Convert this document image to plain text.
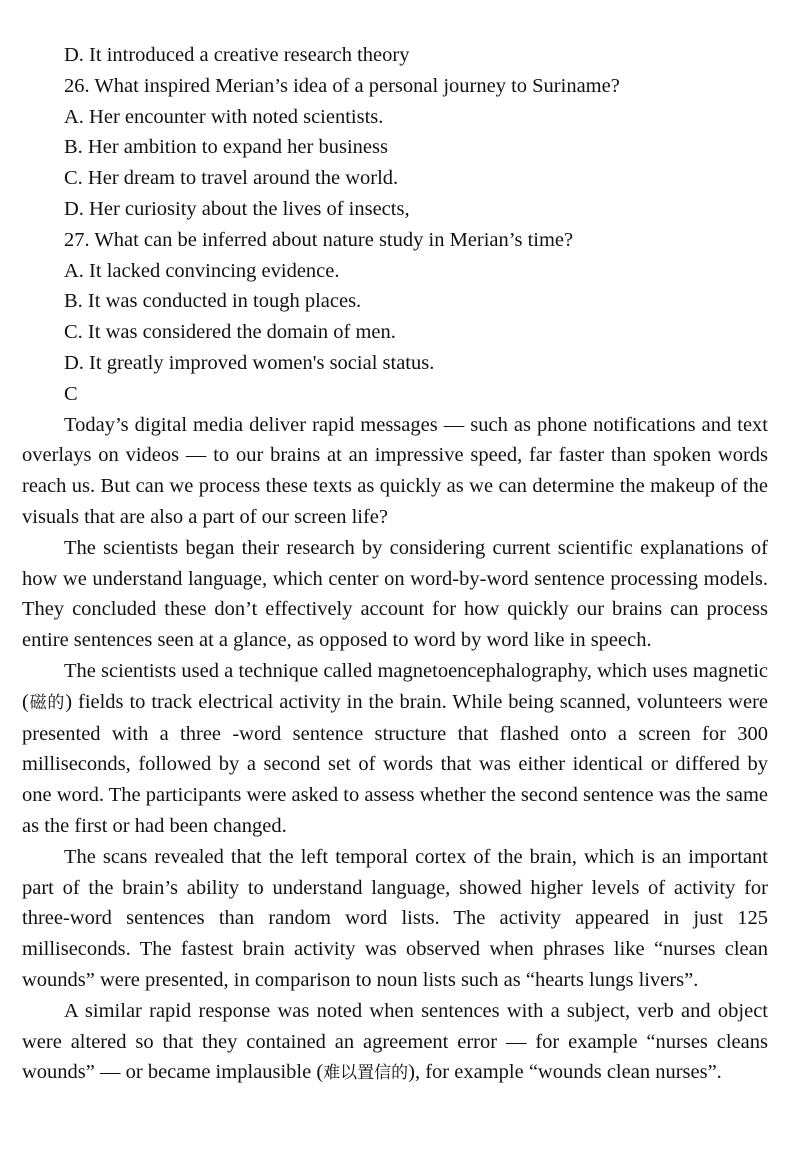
D. It introduced a creative research theory
26. What inspired Merian’s idea of a personal journey to Suriname?
A. Her encounter with noted scientists.
B. Her ambition to expand her business
C. Her dream to travel around the world.
D. Her curiosity about the lives of insects,
27. What can be inferred about nature study in Merian’s time?
A. It lacked convincing evidence.
B. It was conducted in tough places.
C. It was considered the domain of men.
D. It greatly improved women's social status.
C

Today’s digital media deliver rapid messages — such as phone notifications and text overlays on videos — to our brains at an impressive speed, far faster than spoken words reach us. But can we process these texts as quickly as we can determine the makeup of the visuals that are also a part of our screen life?

The scientists began their research by considering current scientific explanations of how we understand language, which center on word-by-word sentence processing models. They concluded these don’t effectively account for how quickly our brains can process entire sentences seen at a glance, as opposed to word by word like in speech.

The scientists used a technique called magnetoencephalography, which uses magnetic (磁的) fields to track electrical activity in the brain. While being scanned, volunteers were presented with a three -word sentence structure that flashed onto a screen for 300 milliseconds, followed by a second set of words that was either identical or differed by one word. The participants were asked to assess whether the second sentence was the same as the first or had been changed.

The scans revealed that the left temporal cortex of the brain, which is an important part of the brain’s ability to understand language, showed higher levels of activity for three-word sentences than random word lists. The activity appeared in just 125 milliseconds. The fastest brain activity was observed when phrases like “nurses clean wounds” were presented, in comparison to noun lists such as “hearts lungs livers”.

A similar rapid response was noted when sentences with a subject, verb and object were altered so that they contained an agreement error — for example “nurses cleans wounds” — or became implausible (难以置信的), for example “wounds clean nurses”.
